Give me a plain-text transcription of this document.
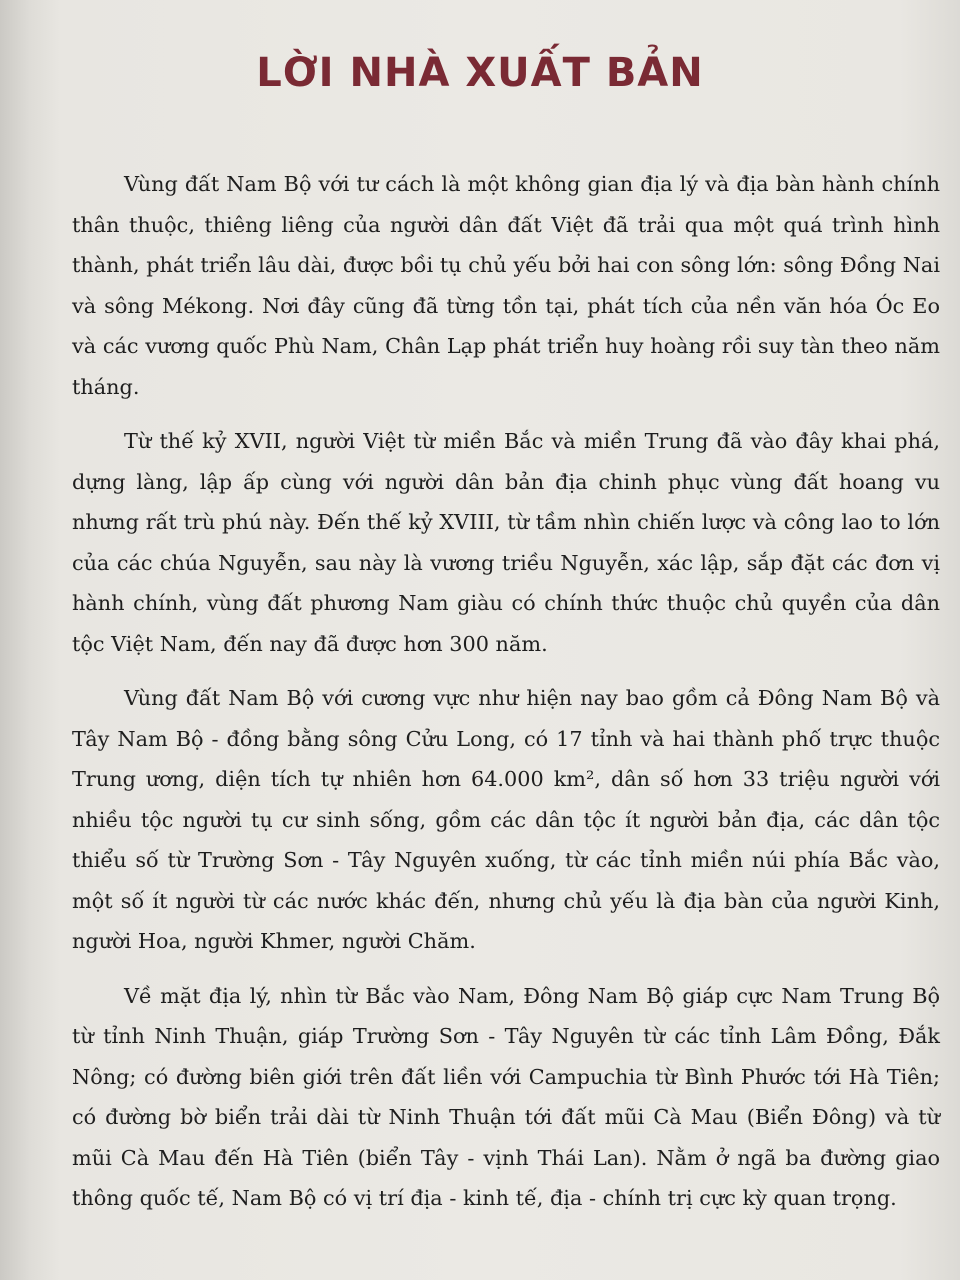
LỜI NHÀ XUẤT BẢN

Vùng đất Nam Bộ với tư cách là một không gian địa lý và địa bàn hành chính thân thuộc, thiêng liêng của người dân đất Việt đã trải qua một quá trình hình thành, phát triển lâu dài, được bồi tụ chủ yếu bởi hai con sông lớn: sông Đồng Nai và sông Mékong. Nơi đây cũng đã từng tồn tại, phát tích của nền văn hóa Óc Eo và các vương quốc Phù Nam, Chân Lạp phát triển huy hoàng rồi suy tàn theo năm tháng.

Từ thế kỷ XVII, người Việt từ miền Bắc và miền Trung đã vào đây khai phá, dựng làng, lập ấp cùng với người dân bản địa chinh phục vùng đất hoang vu nhưng rất trù phú này. Đến thế kỷ XVIII, từ tầm nhìn chiến lược và công lao to lớn của các chúa Nguyễn, sau này là vương triều Nguyễn, xác lập, sắp đặt các đơn vị hành chính, vùng đất phương Nam giàu có chính thức thuộc chủ quyền của dân tộc Việt Nam, đến nay đã được hơn 300 năm.

Vùng đất Nam Bộ với cương vực như hiện nay bao gồm cả Đông Nam Bộ và Tây Nam Bộ - đồng bằng sông Cửu Long, có 17 tỉnh và hai thành phố trực thuộc Trung ương, diện tích tự nhiên hơn 64.000 km², dân số hơn 33 triệu người với nhiều tộc người tụ cư sinh sống, gồm các dân tộc ít người bản địa, các dân tộc thiểu số từ Trường Sơn - Tây Nguyên xuống, từ các tỉnh miền núi phía Bắc vào, một số ít người từ các nước khác đến, nhưng chủ yếu là địa bàn của người Kinh, người Hoa, người Khmer, người Chăm.

Về mặt địa lý, nhìn từ Bắc vào Nam, Đông Nam Bộ giáp cực Nam Trung Bộ từ tỉnh Ninh Thuận, giáp Trường Sơn - Tây Nguyên từ các tỉnh Lâm Đồng, Đắk Nông; có đường biên giới trên đất liền với Campuchia từ Bình Phước tới Hà Tiên; có đường bờ biển trải dài từ Ninh Thuận tới đất mũi Cà Mau (Biển Đông) và từ mũi Cà Mau đến Hà Tiên (biển Tây - vịnh Thái Lan). Nằm ở ngã ba đường giao thông quốc tế, Nam Bộ có vị trí địa - kinh tế, địa - chính trị cực kỳ quan trọng.
